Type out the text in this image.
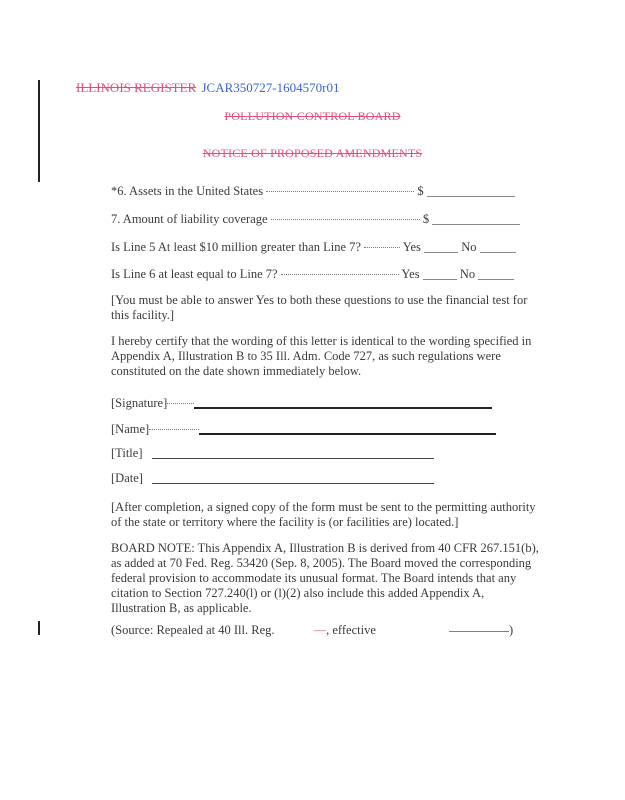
ILLINOIS REGISTER JCAR350727-1604570r01
POLLUTION CONTROL BOARD
NOTICE OF PROPOSED AMENDMENTS
*6. Assets in the United States	$
7. Amount of liability coverage	$
Is Line 5 At least $10 million greater than Line 7?	Yes	No
Is Line 6 at least equal to Line 7?	Yes	No
[You must be able to answer Yes to both these questions to use the financial test for this facility.]
I hereby certify that the wording of this letter is identical to the wording specified in Appendix A, Illustration B to 35 Ill. Adm. Code 727, as such regulations were constituted on the date shown immediately below.
[Signature]
[Name]
[Title]
[Date]
[After completion, a signed copy of the form must be sent to the permitting authority of the state or territory where the facility is (or facilities are) located.]
BOARD NOTE: This Appendix A, Illustration B is derived from 40 CFR 267.151(b), as added at 70 Fed. Reg. 53420 (Sep. 8, 2005). The Board moved the corresponding federal provision to accommodate its unusual format. The Board intends that any citation to Section 727.240(l) or (l)(2) also include this added Appendix A, Illustration B, as applicable.
(Source: Repealed at 40 Ill. Reg.	—, effective	)
